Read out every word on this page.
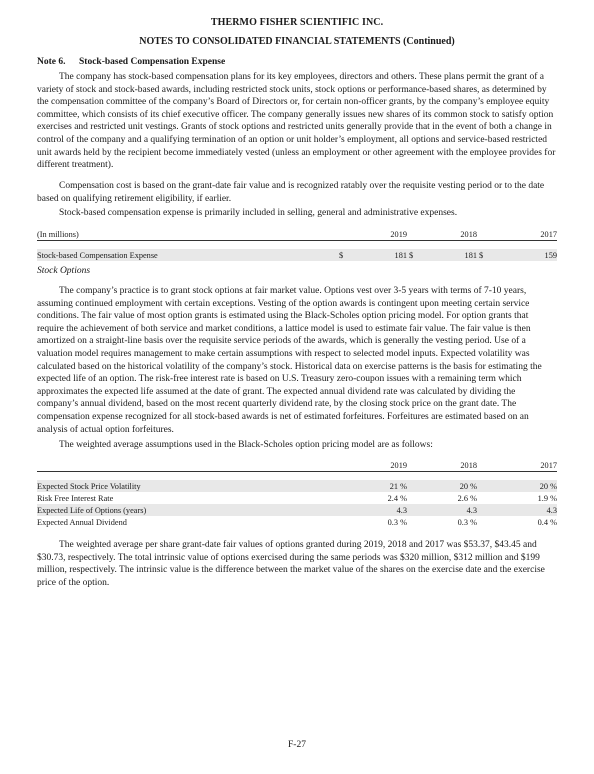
THERMO FISHER SCIENTIFIC INC.
NOTES TO CONSOLIDATED FINANCIAL STATEMENTS (Continued)
Note 6. Stock-based Compensation Expense

The company has stock-based compensation plans for its key employees, directors and others. These plans permit the grant of a variety of stock and stock-based awards, including restricted stock units, stock options or performance-based shares, as determined by the compensation committee of the company’s Board of Directors or, for certain non-officer grants, by the company’s employee equity committee, which consists of its chief executive officer. The company generally issues new shares of its common stock to satisfy option exercises and restricted unit vestings. Grants of stock options and restricted units generally provide that in the event of both a change in control of the company and a qualifying termination of an option or unit holder’s employment, all options and service-based restricted unit awards held by the recipient become immediately vested (unless an employment or other agreement with the employee provides for different treatment).

Compensation cost is based on the grant-date fair value and is recognized ratably over the requisite vesting period or to the date based on qualifying retirement eligibility, if earlier.

Stock-based compensation expense is primarily included in selling, general and administrative expenses.

(In millions)		2019		2018		2017

Stock-based Compensation Expense	$	181	$	181	$	159
Stock Options

The company’s practice is to grant stock options at fair market value. Options vest over 3-5 years with terms of 7-10 years, assuming continued employment with certain exceptions. Vesting of the option awards is contingent upon meeting certain service conditions. The fair value of most option grants is estimated using the Black-Scholes option pricing model. For option grants that require the achievement of both service and market conditions, a lattice model is used to estimate fair value. The fair value is then amortized on a straight-line basis over the requisite service periods of the awards, which is generally the vesting period. Use of a valuation model requires management to make certain assumptions with respect to selected model inputs. Expected volatility was calculated based on the historical volatility of the company’s stock. Historical data on exercise patterns is the basis for estimating the expected life of an option. The risk-free interest rate is based on U.S. Treasury zero-coupon issues with a remaining term which approximates the expected life assumed at the date of grant. The expected annual dividend rate was calculated by dividing the company’s annual dividend, based on the most recent quarterly dividend rate, by the closing stock price on the grant date. The compensation expense recognized for all stock-based awards is net of estimated forfeitures. Forfeitures are estimated based on an analysis of actual option forfeitures.

The weighted average assumptions used in the Black-Scholes option pricing model are as follows:

	2019	2018	2017

Expected Stock Price Volatility	21 %	20 %	20 %
Risk Free Interest Rate	2.4 %	2.6 %	1.9 %
Expected Life of Options (years)	4.3	4.3	4.3
Expected Annual Dividend	0.3 %	0.3 %	0.4 %

The weighted average per share grant-date fair values of options granted during 2019, 2018 and 2017 was $53.37, $43.45 and $30.73, respectively. The total intrinsic value of options exercised during the same periods was $320 million, $312 million and $199 million, respectively. The intrinsic value is the difference between the market value of the shares on the exercise date and the exercise price of the option.

F-27
